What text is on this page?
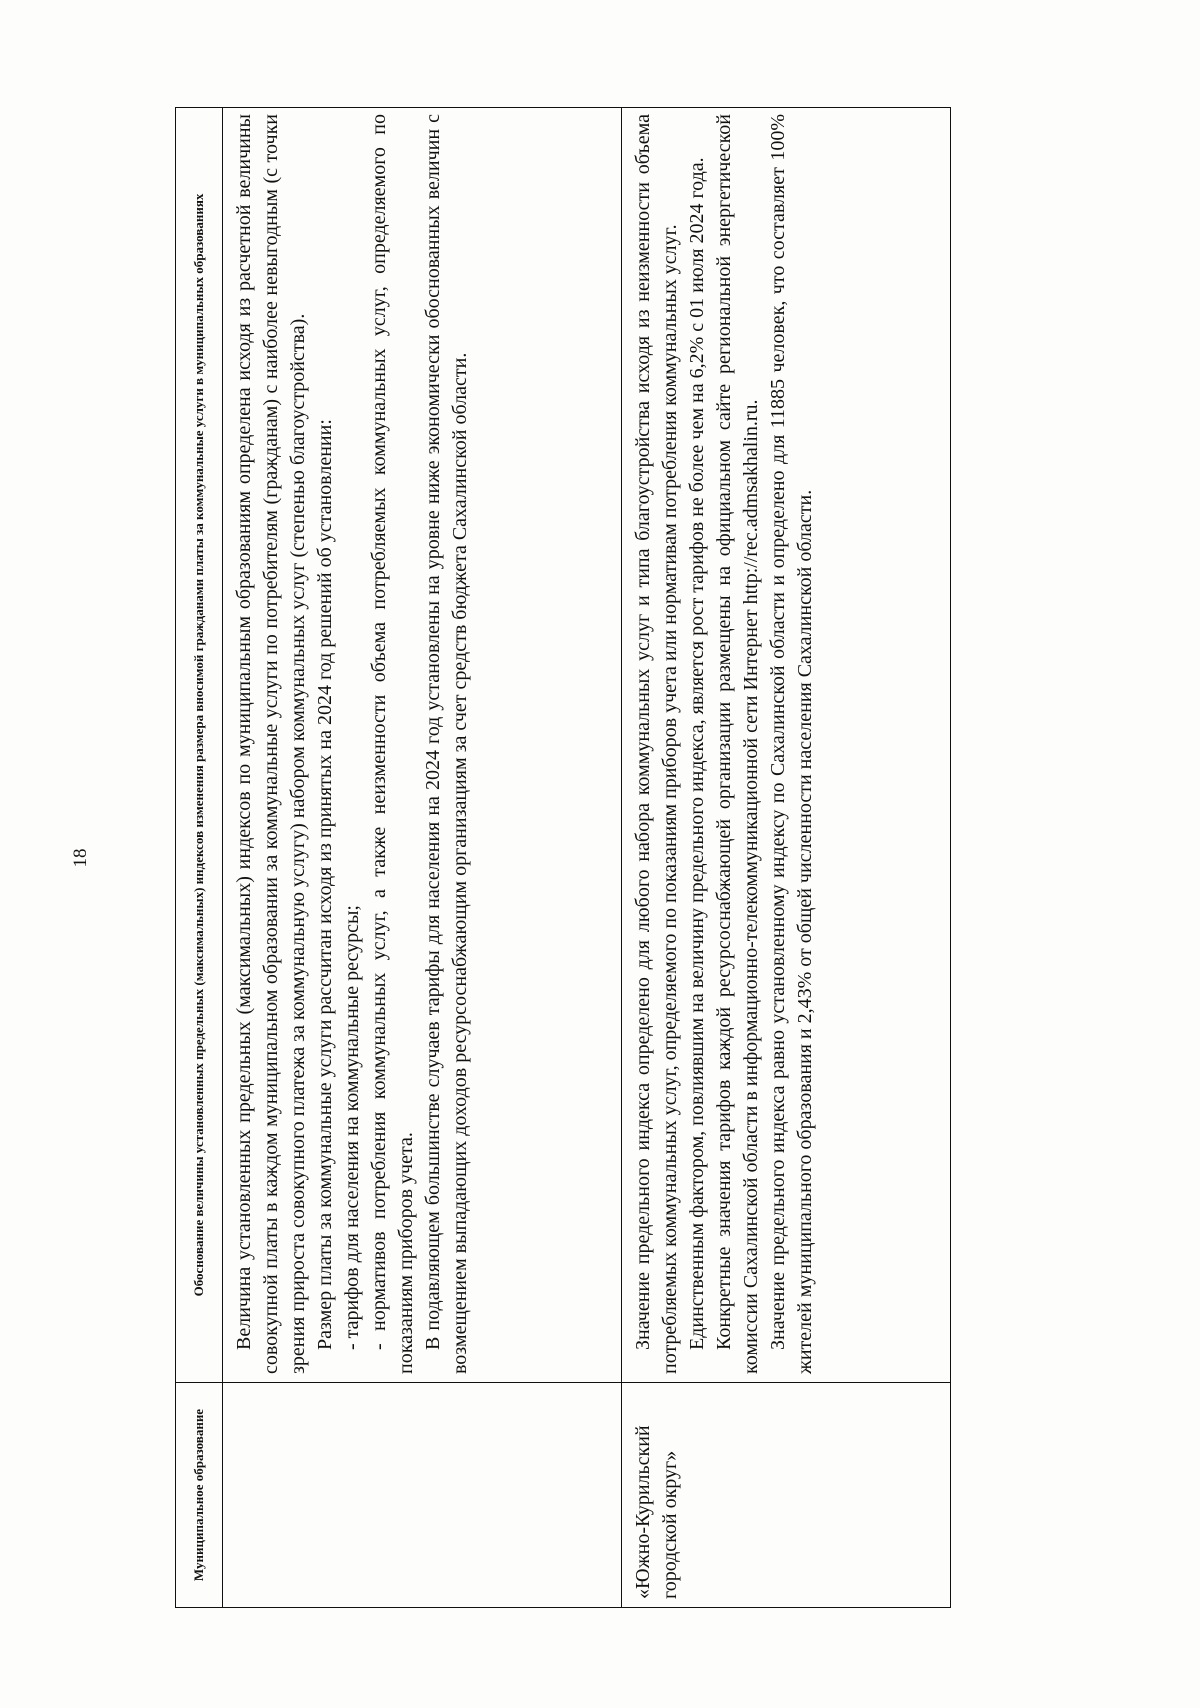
18
Муниципальное образование	Обоснование величины установленных предельных (максимальных) индексов изменения размера вносимой гражданами платы за коммунальные услуги в муниципальных образованиях

	Величина установленных предельных (максимальных) индексов по муниципальным образованиям определена исходя из расчетной величины совокупной платы в каждом муниципальном образовании за коммунальные услуги по потребителям (гражданам) с наиболее невыгодным (с точки зрения прироста совокупного платежа за коммунальную услугу) набором коммунальных услуг (степенью благоустройства). Размер платы за коммунальные услуги рассчитан исходя из принятых на 2024 год решений об установлении: - тарифов для населения на коммунальные ресурсы; - нормативов потребления коммунальных услуг, а также неизменности объема потребляемых коммунальных услуг, определяемого по показаниям приборов учета. В подавляющем большинстве случаев тарифы для населения на 2024 год установлены на уровне ниже экономически обоснованных величин с возмещением выпадающих доходов ресурсоснабжающим организациям за счет средств бюджета Сахалинской области.

«Южно-Курильский городской округ»	Значение предельного индекса определено для любого набора коммунальных услуг и типа благоустройства исходя из неизменности объема потребляемых коммунальных услуг, определяемого по показаниям приборов учета или нормативам потребления коммунальных услуг. Единственным фактором, повлиявшим на величину предельного индекса, является рост тарифов не более чем на 6,2% с 01 июля 2024 года. Конкретные значения тарифов каждой ресурсоснабжающей организации размещены на официальном сайте региональной энергетической комиссии Сахалинской области в информационно-телекоммуникационной сети Интернет http://rec.admsakhalin.ru. Значение предельного индекса равно установленному индексу по Сахалинской области и определено для 11885 человек, что составляет 100% жителей муниципального образования и 2,43% от общей численности населения Сахалинской области.
